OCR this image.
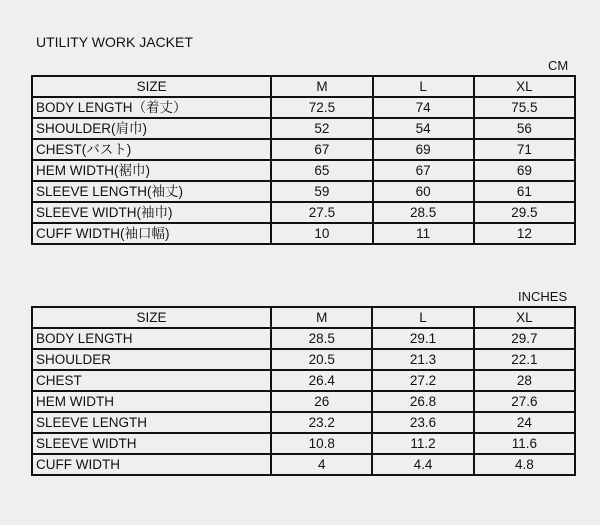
UTILITY WORK JACKET
CM
SIZE	M	L	XL
BODY LENGTH（着丈）	72.5	74	75.5
SHOULDER(肩巾)	52	54	56
CHEST(バスト)	67	69	71
HEM WIDTH(裾巾)	65	67	69
SLEEVE LENGTH(袖丈)	59	60	61
SLEEVE WIDTH(袖巾)	27.5	28.5	29.5
CUFF WIDTH(袖口幅)	10	11	12
INCHES
SIZE	M	L	XL
BODY LENGTH	28.5	29.1	29.7
SHOULDER	20.5	21.3	22.1
CHEST	26.4	27.2	28
HEM WIDTH	26	26.8	27.6
SLEEVE LENGTH	23.2	23.6	24
SLEEVE WIDTH	10.8	11.2	11.6
CUFF WIDTH	4	4.4	4.8
